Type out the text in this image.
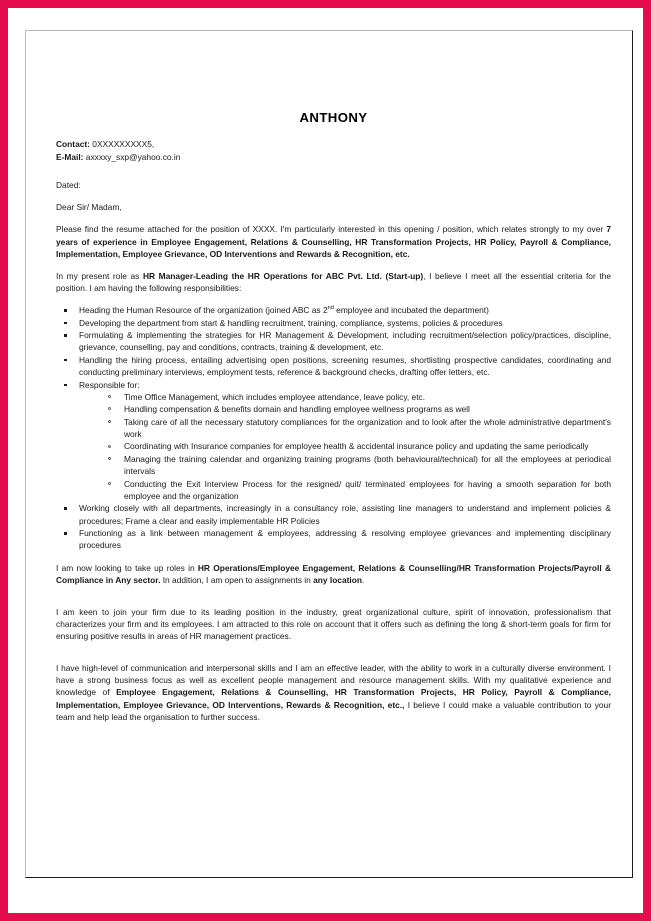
ANTHONY
Contact: 0XXXXXXXXX5,
E-Mail: axxxxy_sxp@yahoo.co.in
Dated:
Dear Sir/ Madam,

Please find the resume attached for the position of XXXX. I'm particularly interested in this opening / position, which relates strongly to my over 7 years of experience in Employee Engagement, Relations & Counselling, HR Transformation Projects, HR Policy, Payroll & Compliance, Implementation, Employee Grievance, OD Interventions and Rewards & Recognition, etc.

In my present role as HR Manager-Leading the HR Operations for ABC Pvt. Ltd. (Start-up), I believe I meet all the essential criteria for the position. I am having the following responsibilities:

Heading the Human Resource of the organization (joined ABC as 2nd employee and incubated the department)
Developing the department from start & handling recruitment, training, compliance, systems, policies & procedures
Formulating & implementing the strategies for HR Management & Development, including recruitment/selection policy/practices, discipline, grievance, counselling, pay and conditions, contracts, training & development, etc.
Handling the hiring process, entailing advertising open positions, screening resumes, shortlisting prospective candidates, coordinating and conducting preliminary interviews, employment tests, reference & background checks, drafting offer letters, etc.
Responsible for:
Time Office Management, which includes employee attendance, leave policy, etc.
Handling compensation & benefits domain and handling employee wellness programs as well
Taking care of all the necessary statutory compliances for the organization and to look after the whole administrative department's work
Coordinating with Insurance companies for employee health & accidental insurance policy and updating the same periodically
Managing the training calendar and organizing training programs (both behavioural/technical) for all the employees at periodical intervals
Conducting the Exit Interview Process for the resigned/ quit/ terminated employees for having a smooth separation for both employee and the organization
Working closely with all departments, increasingly in a consultancy role, assisting line managers to understand and implement policies & procedures; Frame a clear and easily implementable HR Policies
Functioning as a link between management & employees, addressing & resolving employee grievances and implementing disciplinary procedures

I am now looking to take up roles in HR Operations/Employee Engagement, Relations & Counselling/HR Transformation Projects/Payroll & Compliance in Any sector. In addition, I am open to assignments in any location.

I am keen to join your firm due to its leading position in the industry, great organizational culture, spirit of innovation, professionalism that characterizes your firm and its employees. I am attracted to this role on account that it offers such as defining the long & short-term goals for firm for ensuring positive results in areas of HR management practices.

I have high-level of communication and interpersonal skills and I am an effective leader, with the ability to work in a culturally diverse environment. I have a strong business focus as well as excellent people management and resource management skills. With my qualitative experience and knowledge of Employee Engagement, Relations & Counselling, HR Transformation Projects, HR Policy, Payroll & Compliance, Implementation, Employee Grievance, OD Interventions, Rewards & Recognition, etc., I believe I could make a valuable contribution to your team and help lead the organisation to further success.
